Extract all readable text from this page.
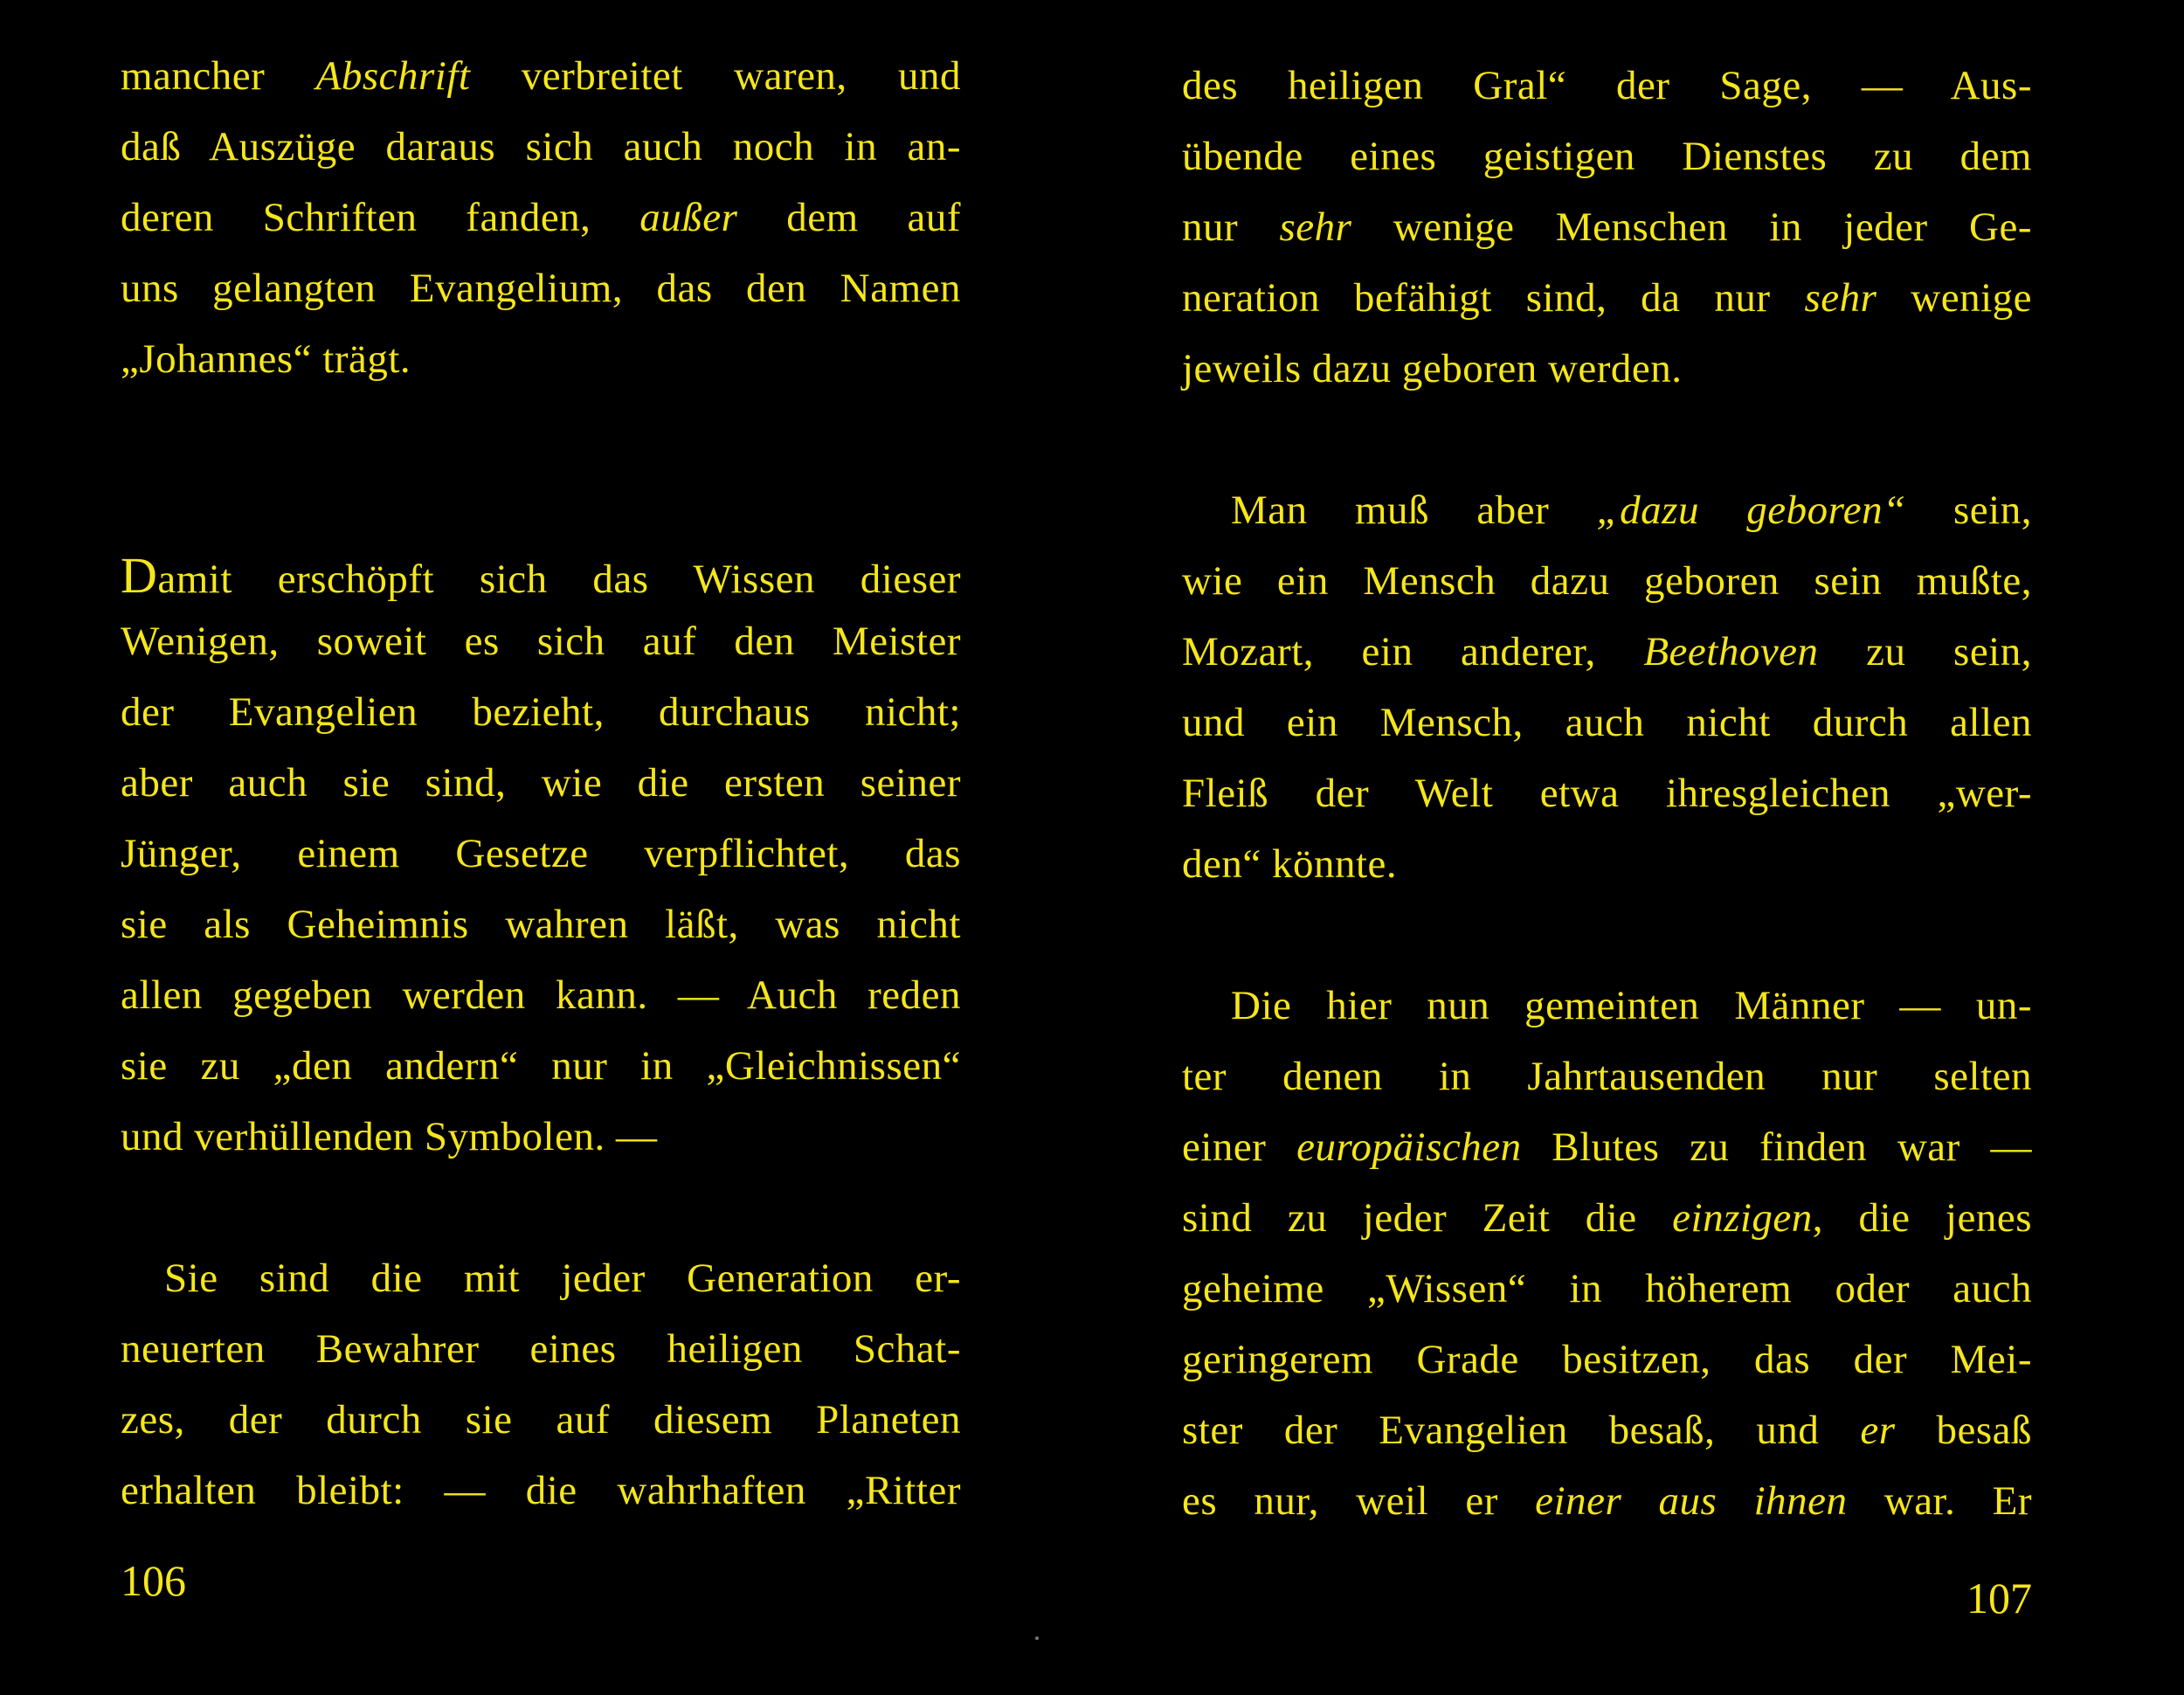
mancher Abschrift verbreitet waren, und
daß Auszüge daraus sich auch noch in an-
deren Schriften fanden, außer dem auf
uns gelangten Evangelium, das den Namen
„Johannes“ trägt.
Damit erschöpft sich das Wissen dieser
Wenigen, soweit es sich auf den Meister
der Evangelien bezieht, durchaus nicht;
aber auch sie sind, wie die ersten seiner
Jünger, einem Gesetze verpflichtet, das
sie als Geheimnis wahren läßt, was nicht
allen gegeben werden kann. — Auch reden
sie zu „den andern“ nur in „Gleichnissen“
und verhüllenden Symbolen. —
Sie sind die mit jeder Generation er-
neuerten Bewahrer eines heiligen Schat-
zes, der durch sie auf diesem Planeten
erhalten bleibt: — die wahrhaften „Ritter
106
des heiligen Gral“ der Sage, — Aus-
übende eines geistigen Dienstes zu dem
nur sehr wenige Menschen in jeder Ge-
neration befähigt sind, da nur sehr wenige
jeweils dazu geboren werden.
Man muß aber „dazu geboren“ sein,
wie ein Mensch dazu geboren sein mußte,
Mozart, ein anderer, Beethoven zu sein,
und ein Mensch, auch nicht durch allen
Fleiß der Welt etwa ihresgleichen „wer-
den“ könnte.
Die hier nun gemeinten Männer — un-
ter denen in Jahrtausenden nur selten
einer europäischen Blutes zu finden war —
sind zu jeder Zeit die einzigen, die jenes
geheime „Wissen“ in höherem oder auch
geringerem Grade besitzen, das der Mei-
ster der Evangelien besaß, und er besaß
es nur, weil er einer aus ihnen war. Er
107
